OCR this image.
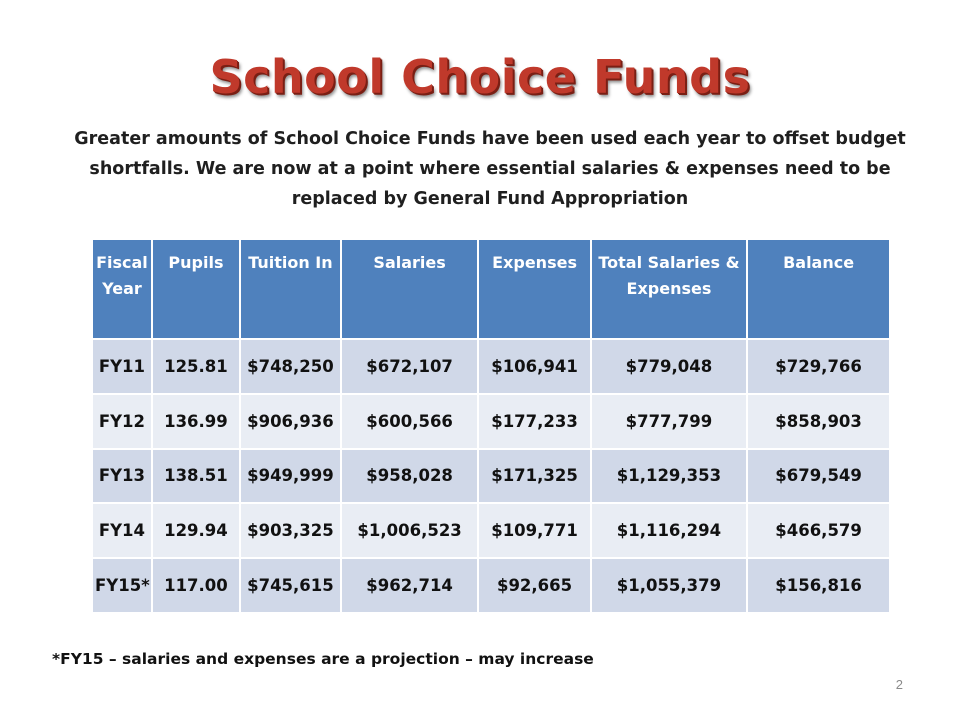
School Choice Funds
Greater amounts of School Choice Funds have been used each year to offset budget shortfalls. We are now at a point where essential salaries & expenses need to be replaced by General Fund Appropriation
Fiscal Year	Pupils	Tuition In	Salaries	Expenses	Total Salaries & Expenses	Balance
FY11	125.81	$748,250	$672,107	$106,941	$779,048	$729,766
FY12	136.99	$906,936	$600,566	$177,233	$777,799	$858,903
FY13	138.51	$949,999	$958,028	$171,325	$1,129,353	$679,549
FY14	129.94	$903,325	$1,006,523	$109,771	$1,116,294	$466,579
FY15*	117.00	$745,615	$962,714	$92,665	$1,055,379	$156,816
*FY15 – salaries and expenses are a projection – may increase
2
